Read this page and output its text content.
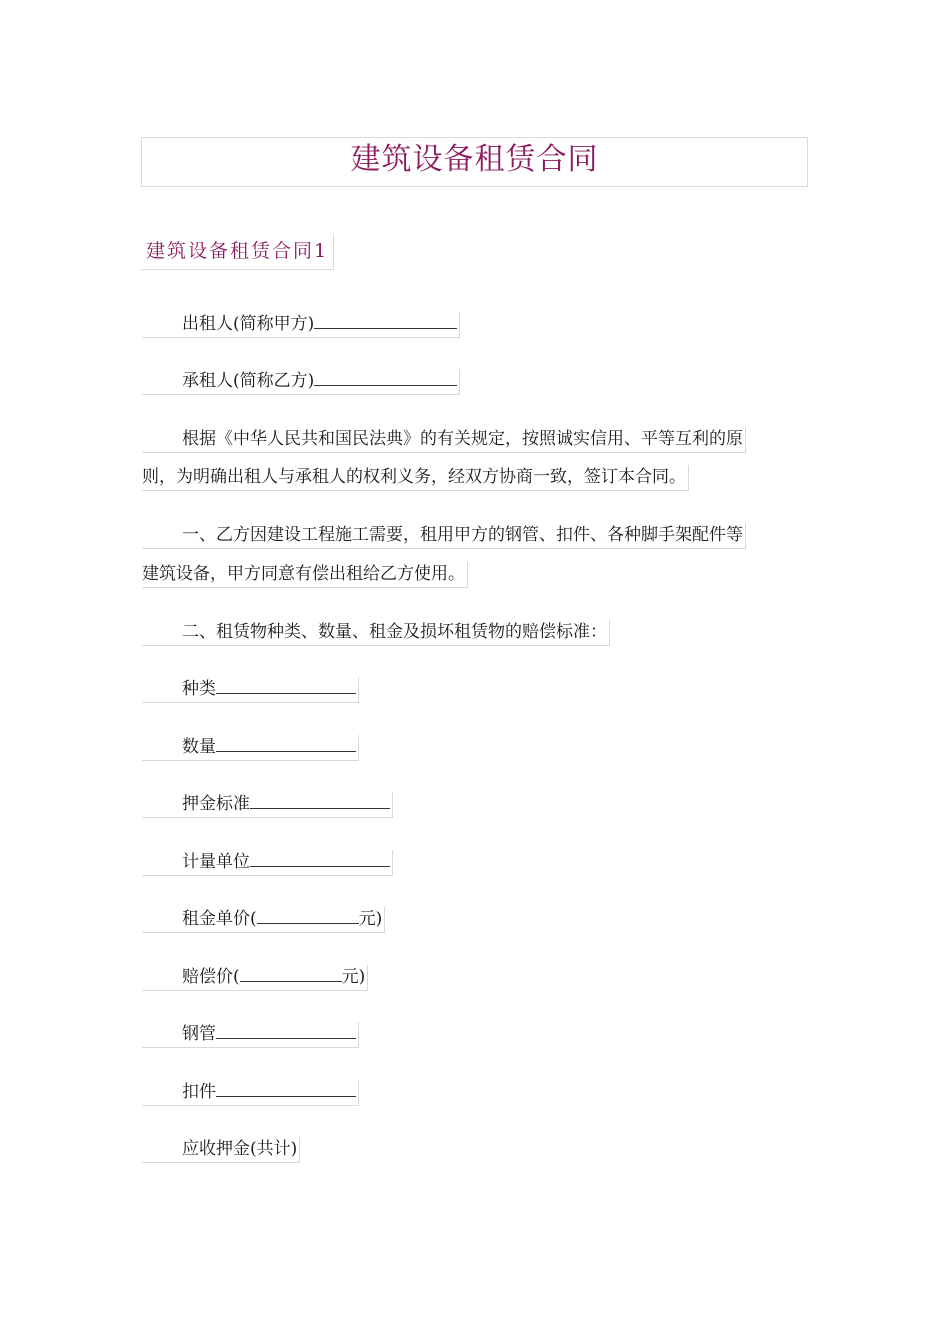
建筑设备租赁合同
建筑设备租赁合同1
出租人(简称甲方)
承租人(简称乙方)
根据《中华人民共和国民法典》的有关规定，按照诚实信用、平等互利的原
则，为明确出租人与承租人的权利义务，经双方协商一致，签订本合同。
一、乙方因建设工程施工需要，租用甲方的钢管、扣件、各种脚手架配件等
建筑设备，甲方同意有偿出租给乙方使用。
二、租赁物种类、数量、租金及损坏租赁物的赔偿标准：
种类
数量
押金标准
计量单位
租金单价(	元)
赔偿价(	元)
钢管
扣件
应收押金(共计)
